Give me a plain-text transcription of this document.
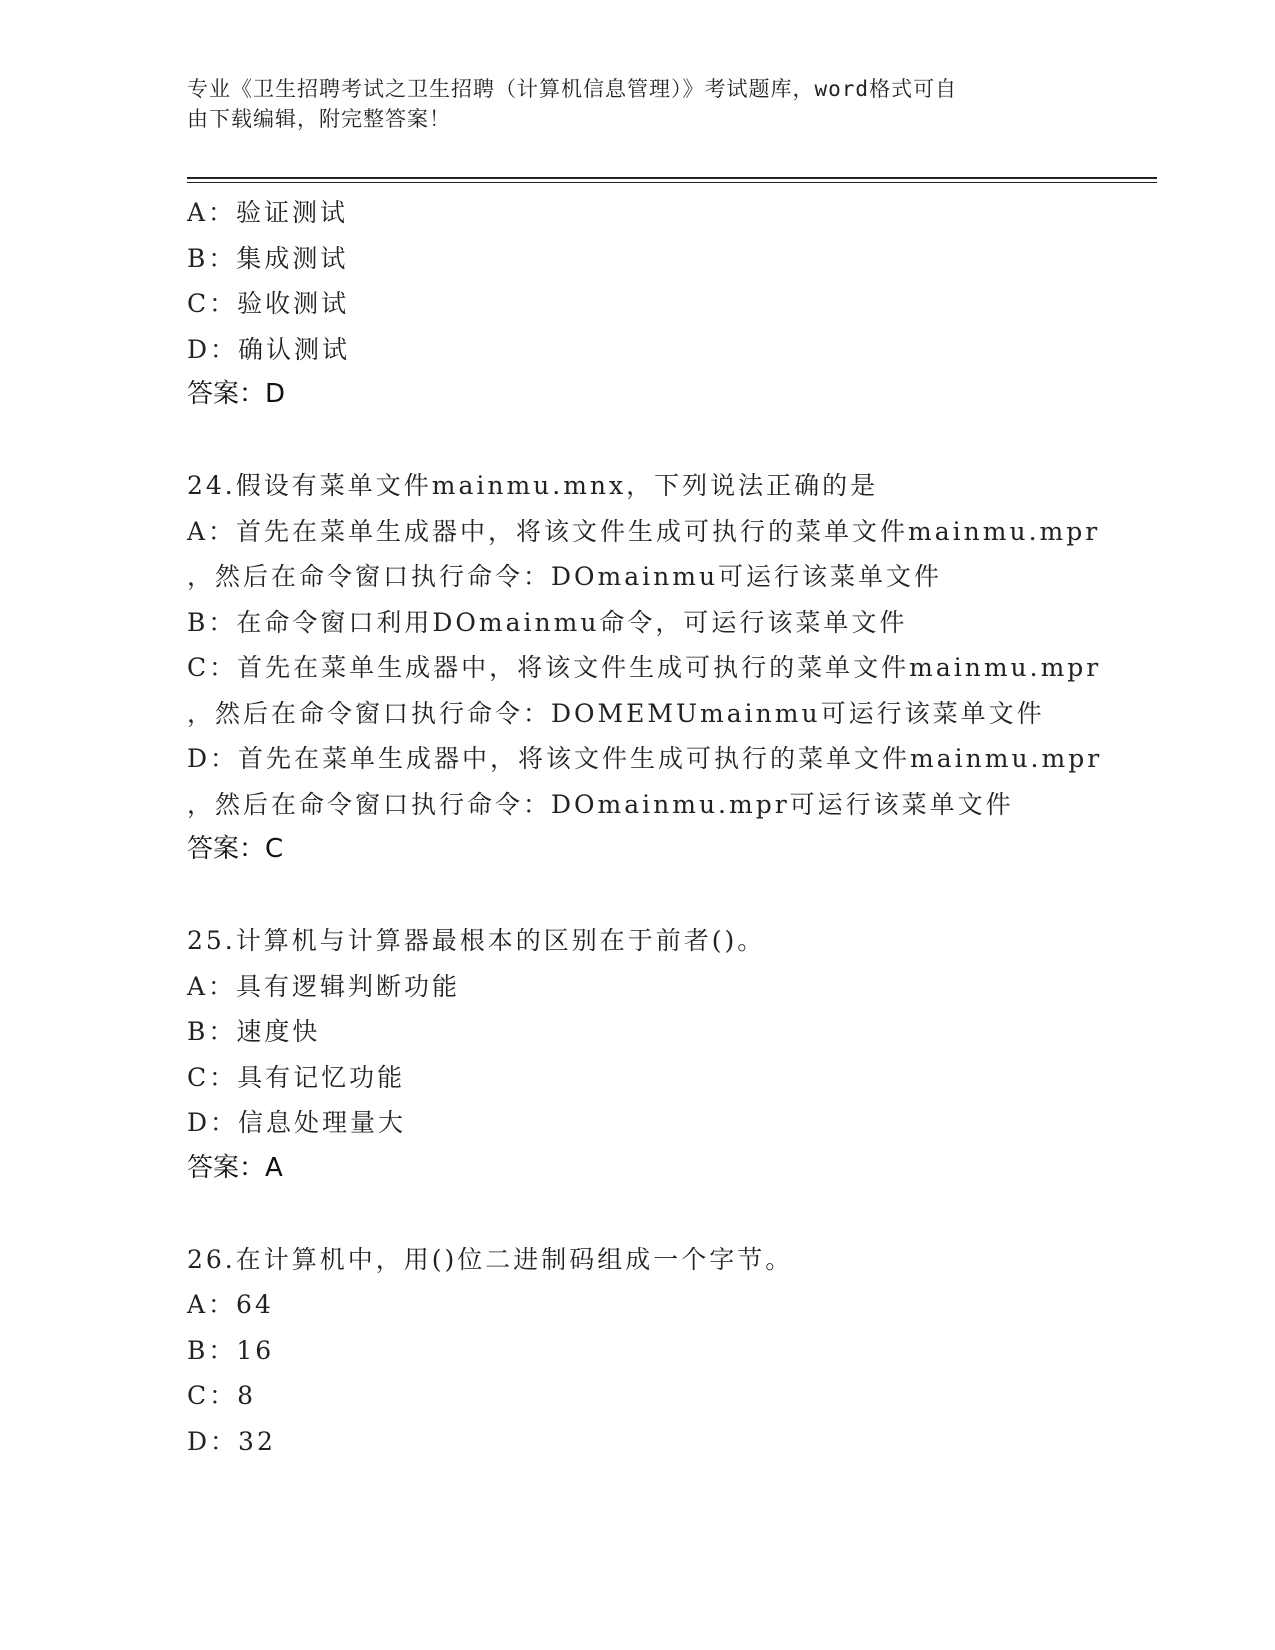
专业《卫生招聘考试之卫生招聘（计算机信息管理）》考试题库，word格式可自
由下载编辑，附完整答案！
A：验证测试
B：集成测试
C：验收测试
D：确认测试
答案：D
24.假设有菜单文件mainmu.mnx，下列说法正确的是
A：首先在菜单生成器中，将该文件生成可执行的菜单文件mainmu.mpr
，然后在命令窗口执行命令：DOmainmu可运行该菜单文件
B：在命令窗口利用DOmainmu命令，可运行该菜单文件
C：首先在菜单生成器中，将该文件生成可执行的菜单文件mainmu.mpr
，然后在命令窗口执行命令：DOMEMUmainmu可运行该菜单文件
D：首先在菜单生成器中，将该文件生成可执行的菜单文件mainmu.mpr
，然后在命令窗口执行命令：DOmainmu.mpr可运行该菜单文件
答案：C
25.计算机与计算器最根本的区别在于前者()。
A：具有逻辑判断功能
B：速度快
C：具有记忆功能
D：信息处理量大
答案：A
26.在计算机中，用()位二进制码组成一个字节。
A：64
B：16
C：8
D：32
